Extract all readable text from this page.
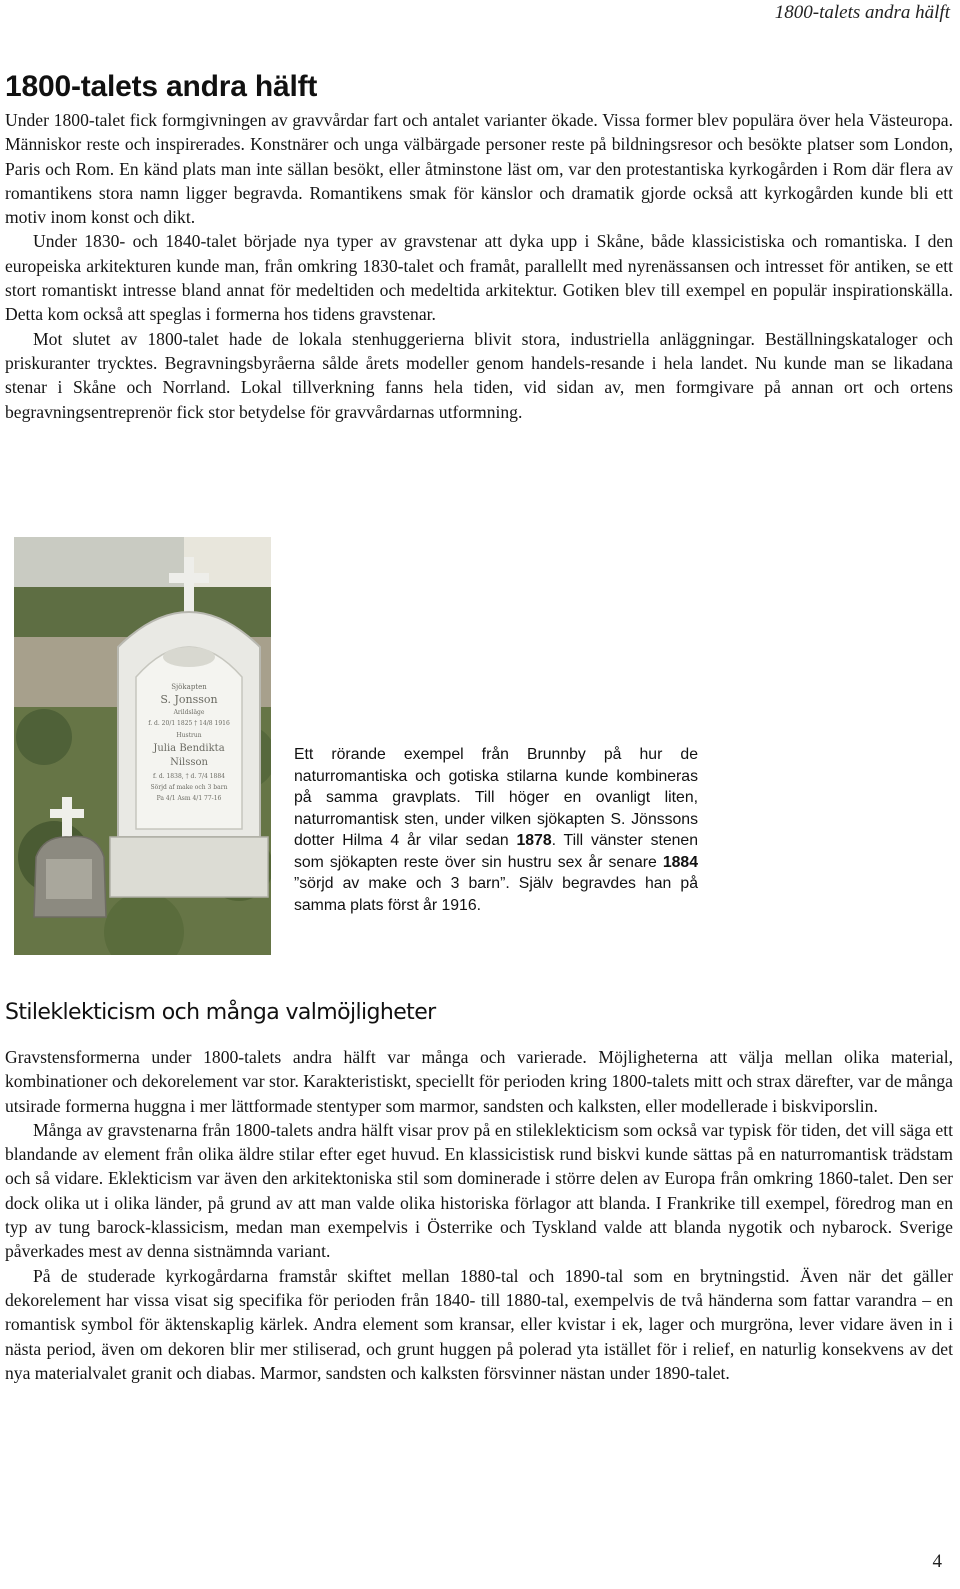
1800-talets andra hälft
1800-talets andra hälft

Under 1800-talet fick formgivningen av gravvårdar fart och antalet varianter ökade. Vissa former blev populära över hela Västeuropa. Människor reste och inspirerades. Konstnärer och unga välbärgade personer reste på bildningsresor och besökte platser som London, Paris och Rom. En känd plats man inte sällan besökt, eller åtminstone läst om, var den protestantiska kyrkogården i Rom där flera av romantikens stora namn ligger begravda. Romantikens smak för känslor och dramatik gjorde också att kyrkogården kunde bli ett motiv inom konst och dikt.

Under 1830- och 1840-talet började nya typer av gravstenar att dyka upp i Skåne, både klassicistiska och romantiska. I den europeiska arkitekturen kunde man, från omkring 1830-talet och framåt, parallellt med nyrenässansen och intresset för antiken, se ett stort romantiskt intresse bland annat för medeltiden och medeltida arkitektur. Gotiken blev till exempel en populär inspirationskälla. Detta kom också att speglas i formerna hos tidens gravstenar.

Mot slutet av 1800-talet hade de lokala stenhuggerierna blivit stora, industriella anläggningar. Beställningskataloger och priskuranter trycktes. Begravningsbyråerna sålde årets modeller genom handels-resande i hela landet. Nu kunde man se likadana stenar i Skåne och Norrland. Lokal tillverkning fanns hela tiden, vid sidan av, men formgivare på annan ort och ortens begravningsentreprenör fick stor betydelse för gravvårdarnas utformning.

Sjökapten
S. Jonsson
Arildsläge
f. d. 20/1 1825 † 14/8 1916
Hustrun
Julia Bendikta
Nilsson
f. d. 1838, † d. 7/4 1884
Sörjd af make och 3 barn
Pa 4/1 Asm 4/1 77-16
Ett rörande exempel från Brunnby på hur de naturromantiska och gotiska stilarna kunde kombineras på samma gravplats. Till höger en ovanligt liten, naturromantisk sten, under vilken sjökapten S. Jönssons dotter Hilma 4 år vilar sedan 1878. Till vänster stenen som sjökapten reste över sin hustru sex år senare 1884 ”sörjd av make och 3 barn”. Själv begravdes han på samma plats först år 1916.
Stileklekticism och många valmöjligheter

Gravstensformerna under 1800-talets andra hälft var många och varierade. Möjligheterna att välja mellan olika material, kombinationer och dekorelement var stor. Karakteristiskt, speciellt för perioden kring 1800-talets mitt och strax därefter, var de många utsirade formerna huggna i mer lättformade stentyper som marmor, sandsten och kalksten, eller modellerade i biskviporslin.

Många av gravstenarna från 1800-talets andra hälft visar prov på en stileklekticism som också var typisk för tiden, det vill säga ett blandande av element från olika äldre stilar efter eget huvud. En klassicistisk rund biskvi kunde sättas på en naturromantisk trädstam och så vidare. Eklekticism var även den arkitektoniska stil som dominerade i större delen av Europa från omkring 1860-talet. Den ser dock olika ut i olika länder, på grund av att man valde olika historiska förlagor att blanda. I Frankrike till exempel, föredrog man en typ av tung barock-klassicism, medan man exempelvis i Österrike och Tyskland valde att blanda nygotik och nybarock. Sverige påverkades mest av denna sistnämnda variant.

På de studerade kyrkogårdarna framstår skiftet mellan 1880-tal och 1890-tal som en brytningstid. Även när det gäller dekorelement har vissa visat sig specifika för perioden från 1840- till 1880-tal, exempelvis de två händerna som fattar varandra – en romantisk symbol för äktenskaplig kärlek. Andra element som kransar, eller kvistar i ek, lager och murgröna, lever vidare även in i nästa period, även om dekoren blir mer stiliserad, och grunt huggen på polerad yta istället för i relief, en naturlig konsekvens av det nya materialvalet granit och diabas. Marmor, sandsten och kalksten försvinner nästan under 1890-talet.

4
